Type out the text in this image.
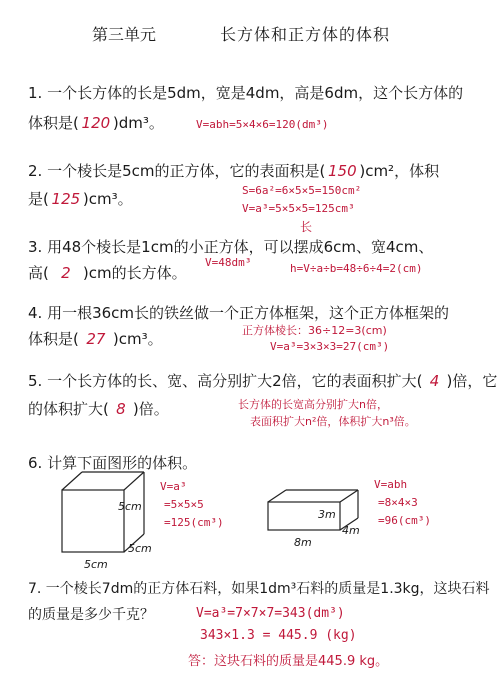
第三单元	长方体和正方体的体积
1. 一个长方体的长是5dm，宽是4dm，高是6dm，这个长方体的
体积是( 120 )dm³。	V=abh=5×4×6=120(dm³)
2. 一个棱长是5cm的正方体，它的表面积是( 150 )cm²，体积
是( 125 )cm³。	S=6a²=6×5×5=150cm²
V=a³=5×5×5=125cm³
长
3. 用48个棱长是1cm的小正方体，可以摆成6cm、宽4cm、
高( 2 )cm的长方体。
V=48dm³	h=V÷a÷b=48÷6÷4=2(cm)
4. 用一根36cm长的铁丝做一个正方体框架，这个正方体框架的
体积是( 27 )cm³。	正方体棱长：36÷12=3(cm)
V=a³=3×3×3=27(cm³)
5. 一个长方体的长、宽、高分别扩大2倍，它的表面积扩大( 4 )倍，它
的体积扩大( 8 )倍。	长方体的长宽高分别扩大n倍，
表面积扩大n²倍，体积扩大n³倍。
6. 计算下面图形的体积。
5cm
5cm
5cm
V=a³
=5×5×5
=125(cm³)
3m
8m
4m
V=abh
=8×4×3
=96(cm³)
7. 一个棱长7dm的正方体石料，如果1dm³石料的质量是1.3kg，这块石料
的质量是多少千克？	V=a³=7×7×7=343(dm³)
343×1.3 = 445.9 (kg)
答：这块石料的质量是445.9 kg。
